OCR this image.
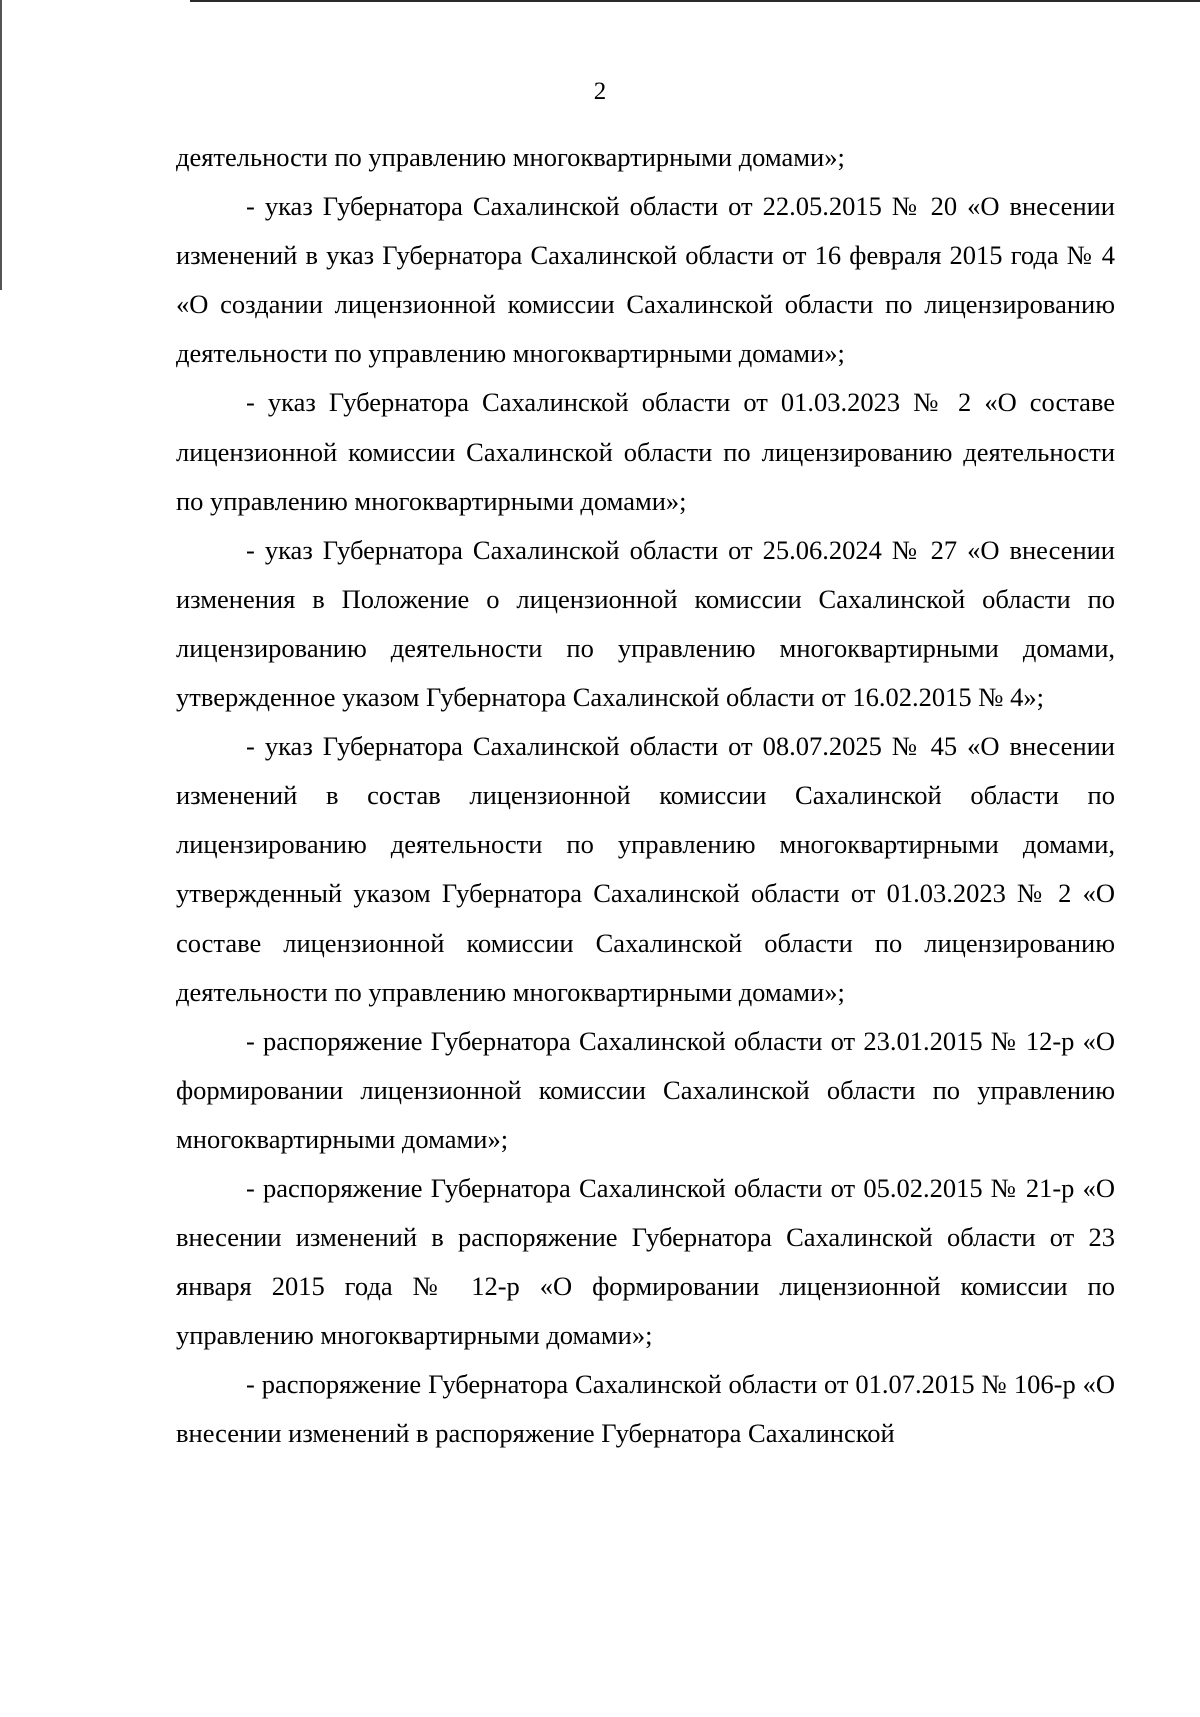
2

деятельности по управлению многоквартирными домами»;

- указ Губернатора Сахалинской области от 22.05.2015 № 20 «О внесении изменений в указ Губернатора Сахалинской области от 16 февраля 2015 года № 4 «О создании лицензионной комиссии Сахалинской области по лицензированию деятельности по управлению многоквартирными домами»;

- указ Губернатора Сахалинской области от 01.03.2023 № 2 «О составе лицензионной комиссии Сахалинской области по лицензированию деятельности по управлению многоквартирными домами»;

- указ Губернатора Сахалинской области от 25.06.2024 № 27 «О внесении изменения в Положение о лицензионной комиссии Сахалинской области по лицензированию деятельности по управлению многоквартирными домами, утвержденное указом Губернатора Сахалинской области от 16.02.2015 № 4»;

- указ Губернатора Сахалинской области от 08.07.2025 № 45 «О внесении изменений в состав лицензионной комиссии Сахалинской области по лицензированию деятельности по управлению многоквартирными домами, утвержденный указом Губернатора Сахалинской области от 01.03.2023 № 2 «О составе лицензионной комиссии Сахалинской области по лицензированию деятельности по управлению многоквартирными домами»;

- распоряжение Губернатора Сахалинской области от 23.01.2015 № 12-р «О формировании лицензионной комиссии Сахалинской области по управлению многоквартирными домами»;

- распоряжение Губернатора Сахалинской области от 05.02.2015 № 21-р «О внесении изменений в распоряжение Губернатора Сахалинской области от 23 января 2015 года № 12-р «О формировании лицензионной комиссии по управлению многоквартирными домами»;

- распоряжение Губернатора Сахалинской области от 01.07.2015 № 106-р «О внесении изменений в распоряжение Губернатора Сахалинской
